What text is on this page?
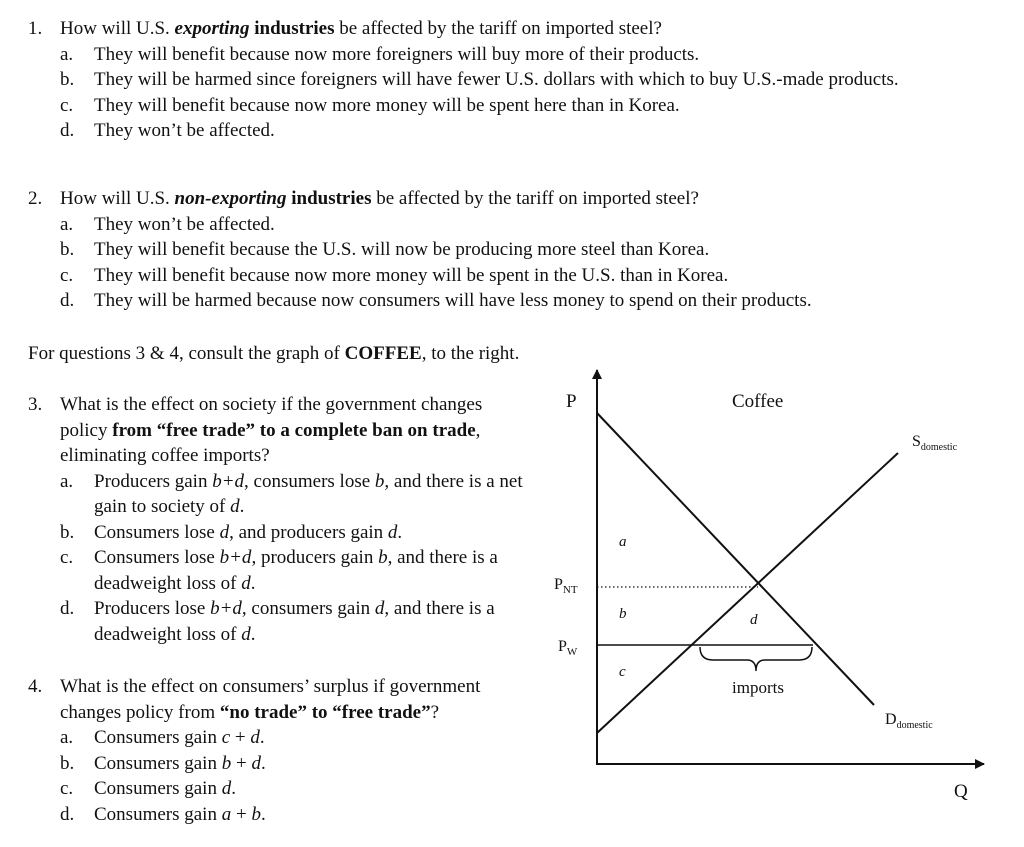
1. How will U.S. exporting industries be affected by the tariff on imported steel?
a. They will benefit because now more foreigners will buy more of their products.
b. They will be harmed since foreigners will have fewer U.S. dollars with which to buy U.S.-made products.
c. They will benefit because now more money will be spent here than in Korea.
d. They won’t be affected.
2. How will U.S. non-exporting industries be affected by the tariff on imported steel?
a. They won’t be affected.
b. They will benefit because the U.S. will now be producing more steel than Korea.
c. They will benefit because now more money will be spent in the U.S. than in Korea.
d. They will be harmed because now consumers will have less money to spend on their products.
For questions 3 & 4, consult the graph of COFFEE, to the right.
3. What is the effect on society if the government changes policy from “free trade” to a complete ban on trade, eliminating coffee imports?
a. Producers gain b+d, consumers lose b, and there is a net gain to society of d.
b. Consumers lose d, and producers gain d.
c. Consumers lose b+d, producers gain b, and there is a deadweight loss of d.
d. Producers lose b+d, consumers gain d, and there is a deadweight loss of d.
4. What is the effect on consumers’ surplus if government changes policy from “no trade” to “free trade”?
a. Consumers gain c + d.
b. Consumers gain b + d.
c. Consumers gain d.
d. Consumers gain a + b.
P
Q
Coffee
$S_{domestic}$
$D_{domestic}$
$P_{NT}$
$P_W$
a
b
c
d
imports
